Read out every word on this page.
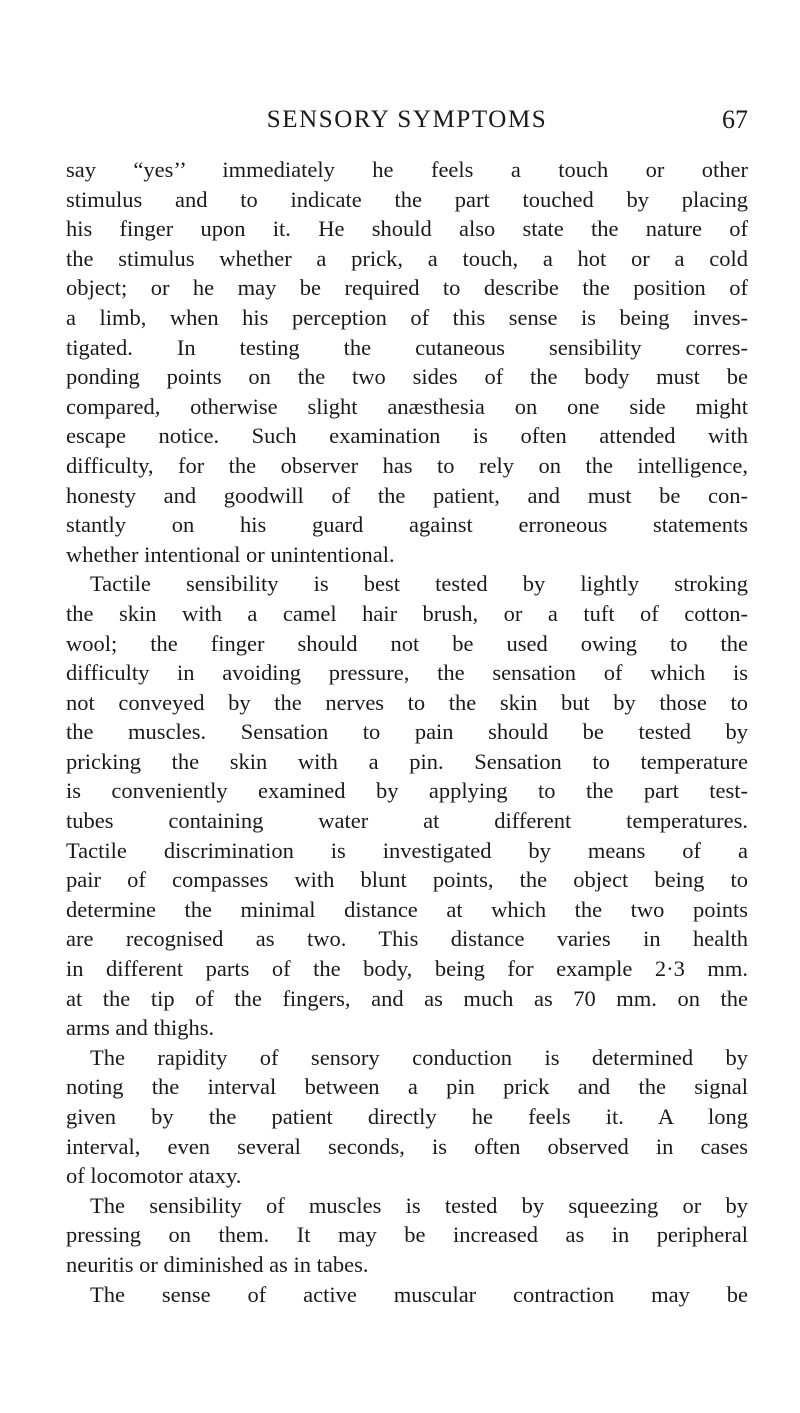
SENSORY SYMPTOMS	67
say “yes’’ immediately he feels a touch or other
stimulus and to indicate the part touched by placing
his finger upon it. He should also state the nature of
the stimulus whether a prick, a touch, a hot or a cold
object; or he may be required to describe the position of
a limb, when his perception of this sense is being inves-
tigated. In testing the cutaneous sensibility corres-
ponding points on the two sides of the body must be
compared, otherwise slight anæsthesia on one side might
escape notice. Such examination is often attended with
difficulty, for the observer has to rely on the intelligence,
honesty and goodwill of the patient, and must be con-
stantly on his guard against erroneous statements
whether intentional or unintentional.
Tactile sensibility is best tested by lightly stroking
the skin with a camel hair brush, or a tuft of cotton-
wool; the finger should not be used owing to the
difficulty in avoiding pressure, the sensation of which is
not conveyed by the nerves to the skin but by those to
the muscles. Sensation to pain should be tested by
pricking the skin with a pin. Sensation to temperature
is conveniently examined by applying to the part test-
tubes containing water at different temperatures.
Tactile discrimination is investigated by means of a
pair of compasses with blunt points, the object being to
determine the minimal distance at which the two points
are recognised as two. This distance varies in health
in different parts of the body, being for example 2·3 mm.
at the tip of the fingers, and as much as 70 mm. on the
arms and thighs.
The rapidity of sensory conduction is determined by
noting the interval between a pin prick and the signal
given by the patient directly he feels it. A long
interval, even several seconds, is often observed in cases
of locomotor ataxy.
The sensibility of muscles is tested by squeezing or by
pressing on them. It may be increased as in peripheral
neuritis or diminished as in tabes.
The sense of active muscular contraction may be
